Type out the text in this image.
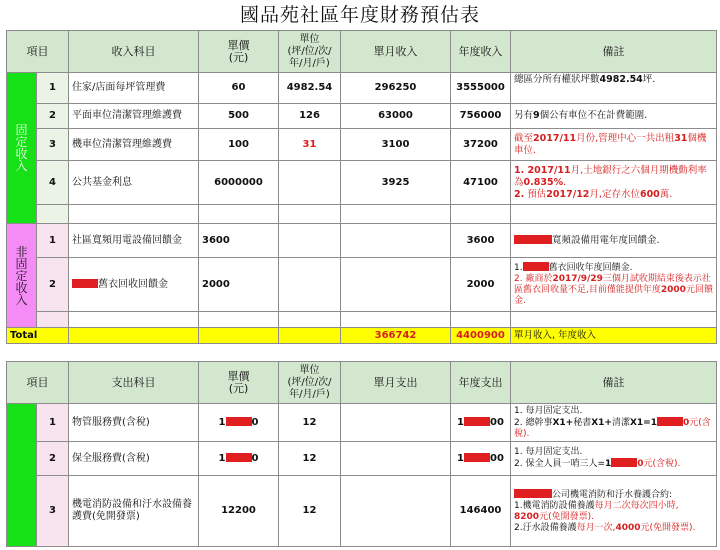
國品苑社區年度財務預估表
項目		收入科目	單價
(元)	單位
(坪/位/次/年/月/戶)	單月收入	年度收入	備註
固
定
收
入	1	住家/店面每坪管理費	60	4982.54	296250	3555000	總區分所有權狀坪數4982.54坪.
	2	平面車位清潔管理維護費	500	126	63000	756000	另有9個公有車位不在計費範圍.
	3	機車位清潔管理維護費	100	31	3100	37200	截至2017/11月份,管理中心一共出租31個機車位.
	4	公共基金利息	6000000		3925	47100	1. 2017/11月,土地銀行之六個月期機動利率為0.835%.
2. 預估2017/12月,定存水位600萬.

非
固
定
收
入	1	社區寬頻用電設備回饋金	3600			3600	寬頻設備用電年度回饋金.
	2	舊衣回收回饋金	2000			2000	1. 舊衣回收年度回饋金.
2. 廠商於2017/9/29三個月試收期結束後表示社區舊衣回收量不足,目前僅能提供年度2000元回饋金.

Total					366742	4400900	單月收入, 年度收入
項目		支出科目	單價
(元)	單位
(坪/位/次/年/月/戶)	單月支出	年度支出	備註
	1	物管服務費(含稅)	1 0	12		1 00	1. 每月固定支出.
2. 總幹事X1+秘書X1+清潔X1=1 0元(含稅).
	2	保全服務費(含稅)	1 0	12		1 00	1. 每月固定支出.
2. 保全人員一哨三人=1 0元(含稅).
	3	機電消防設備和汙水設備養護費(免開發票)	12200	12		146400	公司機電消防和汙水養護合約:
1.機電消防設備養護每月二次每次四小時,
8200元(免開發票).
2.汙水設備養護每月一次,4000元(免開發票).
